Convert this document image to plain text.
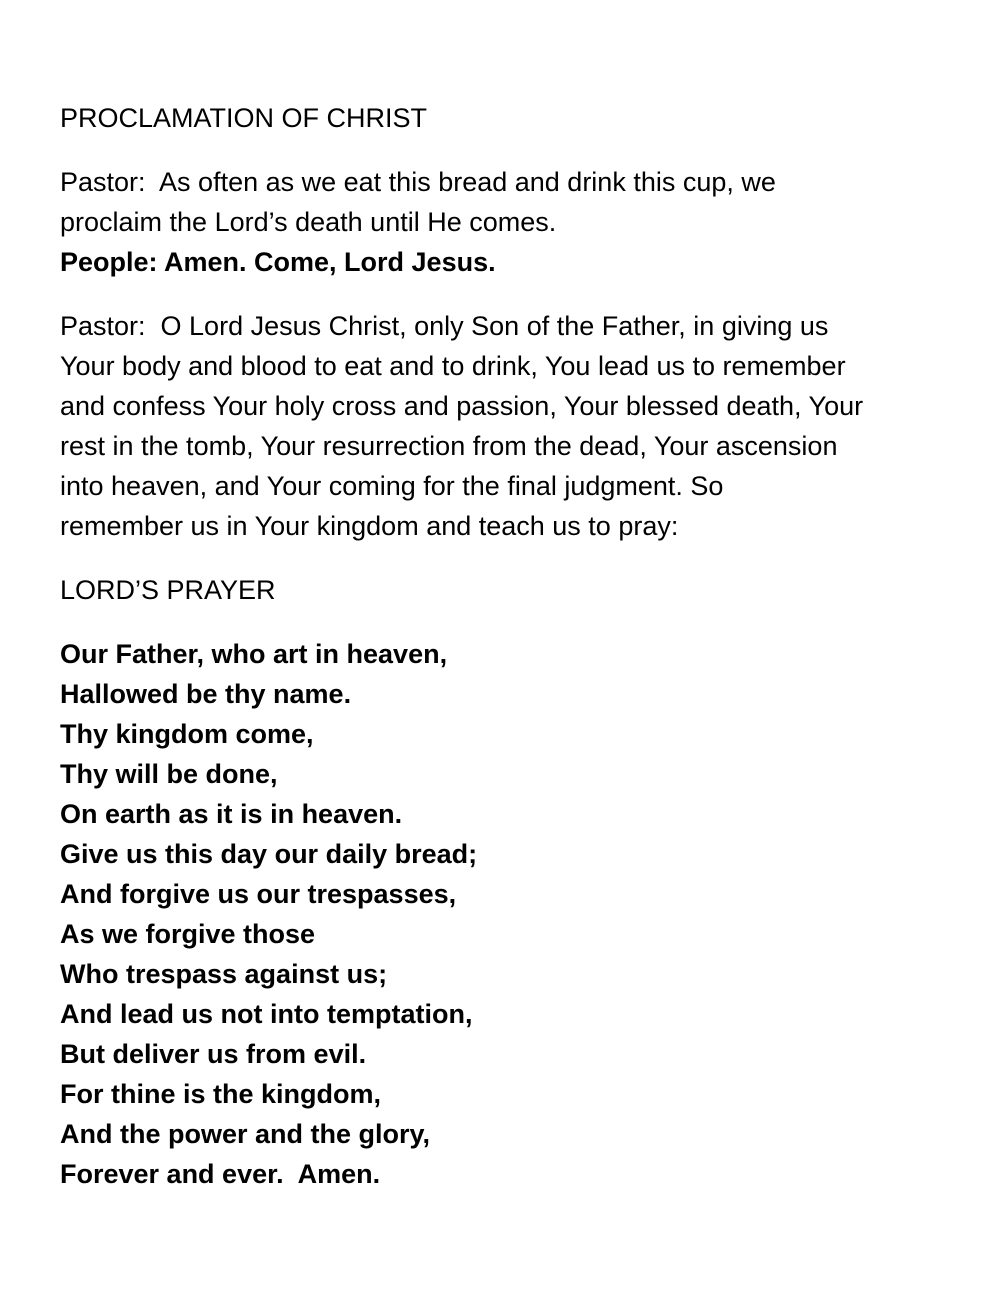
PROCLAMATION OF CHRIST

Pastor:  As often as we eat this bread and drink this cup, we

proclaim the Lord’s death until He comes.

People: Amen. Come, Lord Jesus.

Pastor:  O Lord Jesus Christ, only Son of the Father, in giving us

Your body and blood to eat and to drink, You lead us to remember

and confess Your holy cross and passion, Your blessed death, Your

rest in the tomb, Your resurrection from the dead, Your ascension

into heaven, and Your coming for the final judgment. So

remember us in Your kingdom and teach us to pray:

LORD’S PRAYER

Our Father, who art in heaven,

Hallowed be thy name.

Thy kingdom come,

Thy will be done,

On earth as it is in heaven.

Give us this day our daily bread;

And forgive us our trespasses,

As we forgive those

Who trespass against us;

And lead us not into temptation,

But deliver us from evil.

For thine is the kingdom,

And the power and the glory,

Forever and ever.  Amen.
